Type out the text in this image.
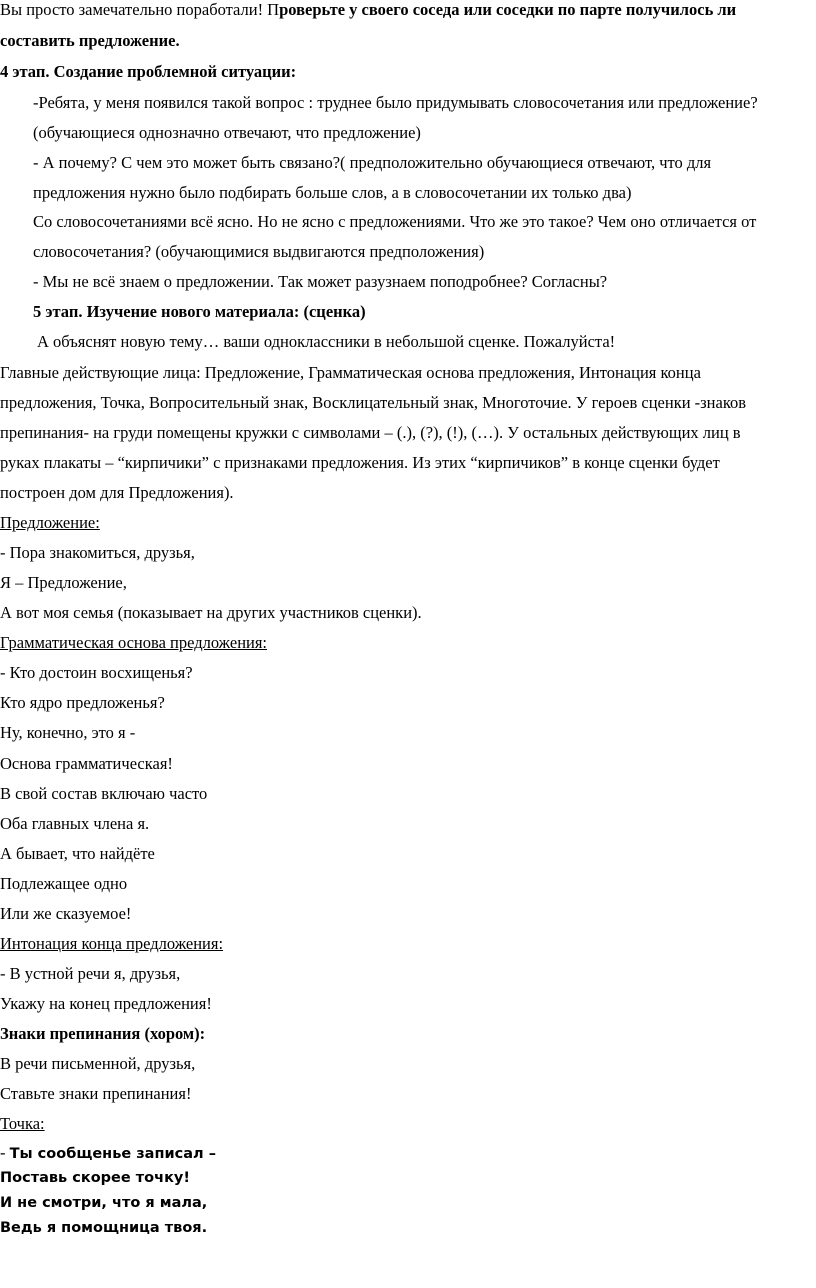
Вы просто замечательно поработали! Проверьте у своего соседа или соседки по парте получилось ли
составить предложение.
4 этап. Создание проблемной ситуации:
-Ребята, у меня появился такой вопрос : труднее было придумывать словосочетания или предложение?
(обучающиеся однозначно отвечают, что предложение)
- А почему? С чем это может быть связано?( предположительно обучающиеся отвечают, что для
предложения нужно было подбирать больше слов, а в словосочетании их только два)
Со словосочетаниями всё ясно. Но не ясно с предложениями. Что же это такое? Чем оно отличается от
словосочетания? (обучающимися выдвигаются предположения)
- Мы не всё знаем о предложении. Так может разузнаем поподробнее? Согласны?
5 этап. Изучение нового материала: (сценка)
А объяснят новую тему… ваши одноклассники в небольшой сценке. Пожалуйста!
Главные действующие лица: Предложение, Грамматическая основа предложения, Интонация конца
предложения, Точка, Вопросительный знак, Восклицательный знак, Многоточие. У героев сценки -знаков
препинания- на груди помещены кружки с символами – (.), (?), (!), (…). У остальных действующих лиц в
руках плакаты – “кирпичики” с признаками предложения. Из этих “кирпичиков” в конце сценки будет
построен дом для Предложения).
Предложение:
- Пора знакомиться, друзья,
Я – Предложение,
А вот моя семья (показывает на других участников сценки).
Грамматическая основа предложения:
- Кто достоин восхищенья?
Кто ядро предложенья?
Ну, конечно, это я -
Основа грамматическая!
В свой состав включаю часто
Оба главных члена я.
А бывает, что найдёте
Подлежащее одно
Или же сказуемое!
Интонация конца предложения:
- В устной речи я, друзья,
Укажу на конец предложения!
Знаки препинания (хором):
В речи письменной, друзья,
Ставьте знаки препинания!
Точка:
- Ты сообщенье записал –
Поставь скорее точку!
И не смотри, что я мала,
Ведь я помощница твоя.
